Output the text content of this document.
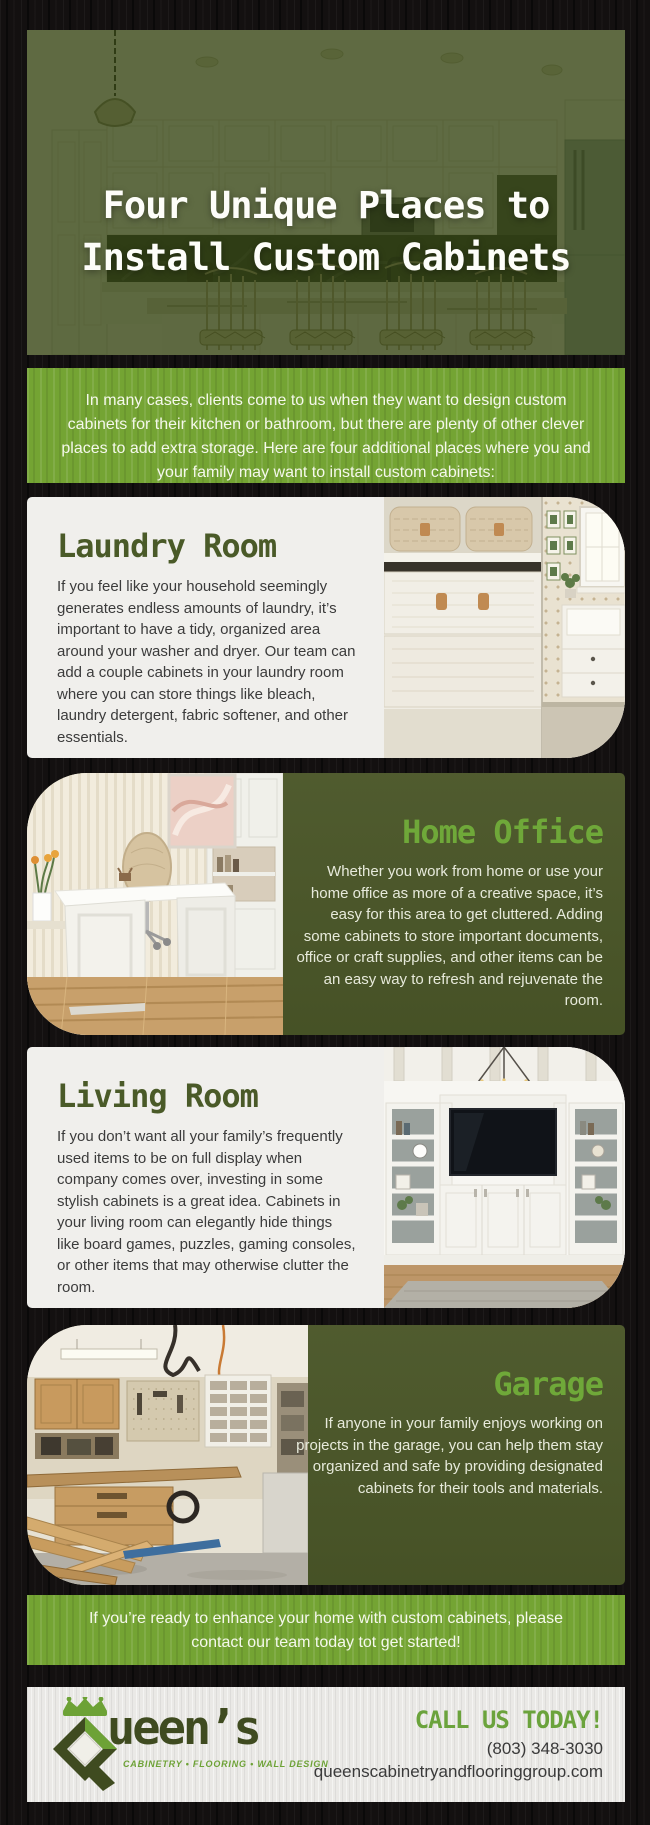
Four Unique Places to
Install Custom Cabinets

In many cases, clients come to us when they want to design custom cabinets for their kitchen or bathroom, but there are plenty of other clever places to add extra storage. Here are four additional places where you and your family may want to install custom cabinets:

Laundry Room

If you feel like your household seemingly generates endless amounts of laundry, it’s important to have a tidy, organized area around your washer and dryer. Our team can add a couple cabinets in your laundry room where you can store things like bleach, laundry detergent, fabric softener, and other essentials.

Home Office

Whether you work from home or use your home office as more of a creative space, it’s easy for this area to get cluttered. Adding some cabinets to store important documents, office or craft supplies, and other items can be an easy way to refresh and rejuvenate the room.

Living Room

If you don’t want all your family’s frequently used items to be on full display when company comes over, investing in some stylish cabinets is a great idea. Cabinets in your living room can elegantly hide things like board games, puzzles, gaming consoles, or other items that may otherwise clutter the room.

Garage

If anyone in your family enjoys working on projects in the garage, you can help them stay organized and safe by providing designated cabinets for their tools and materials.

If you’re ready to enhance your home with custom cabinets, please contact our team today tot get started!

ueen’s
CABINETRY • FLOORING • WALL DESIGN
CALL US TODAY!
(803) 348-3030
queenscabinetryandflooringgroup.com
